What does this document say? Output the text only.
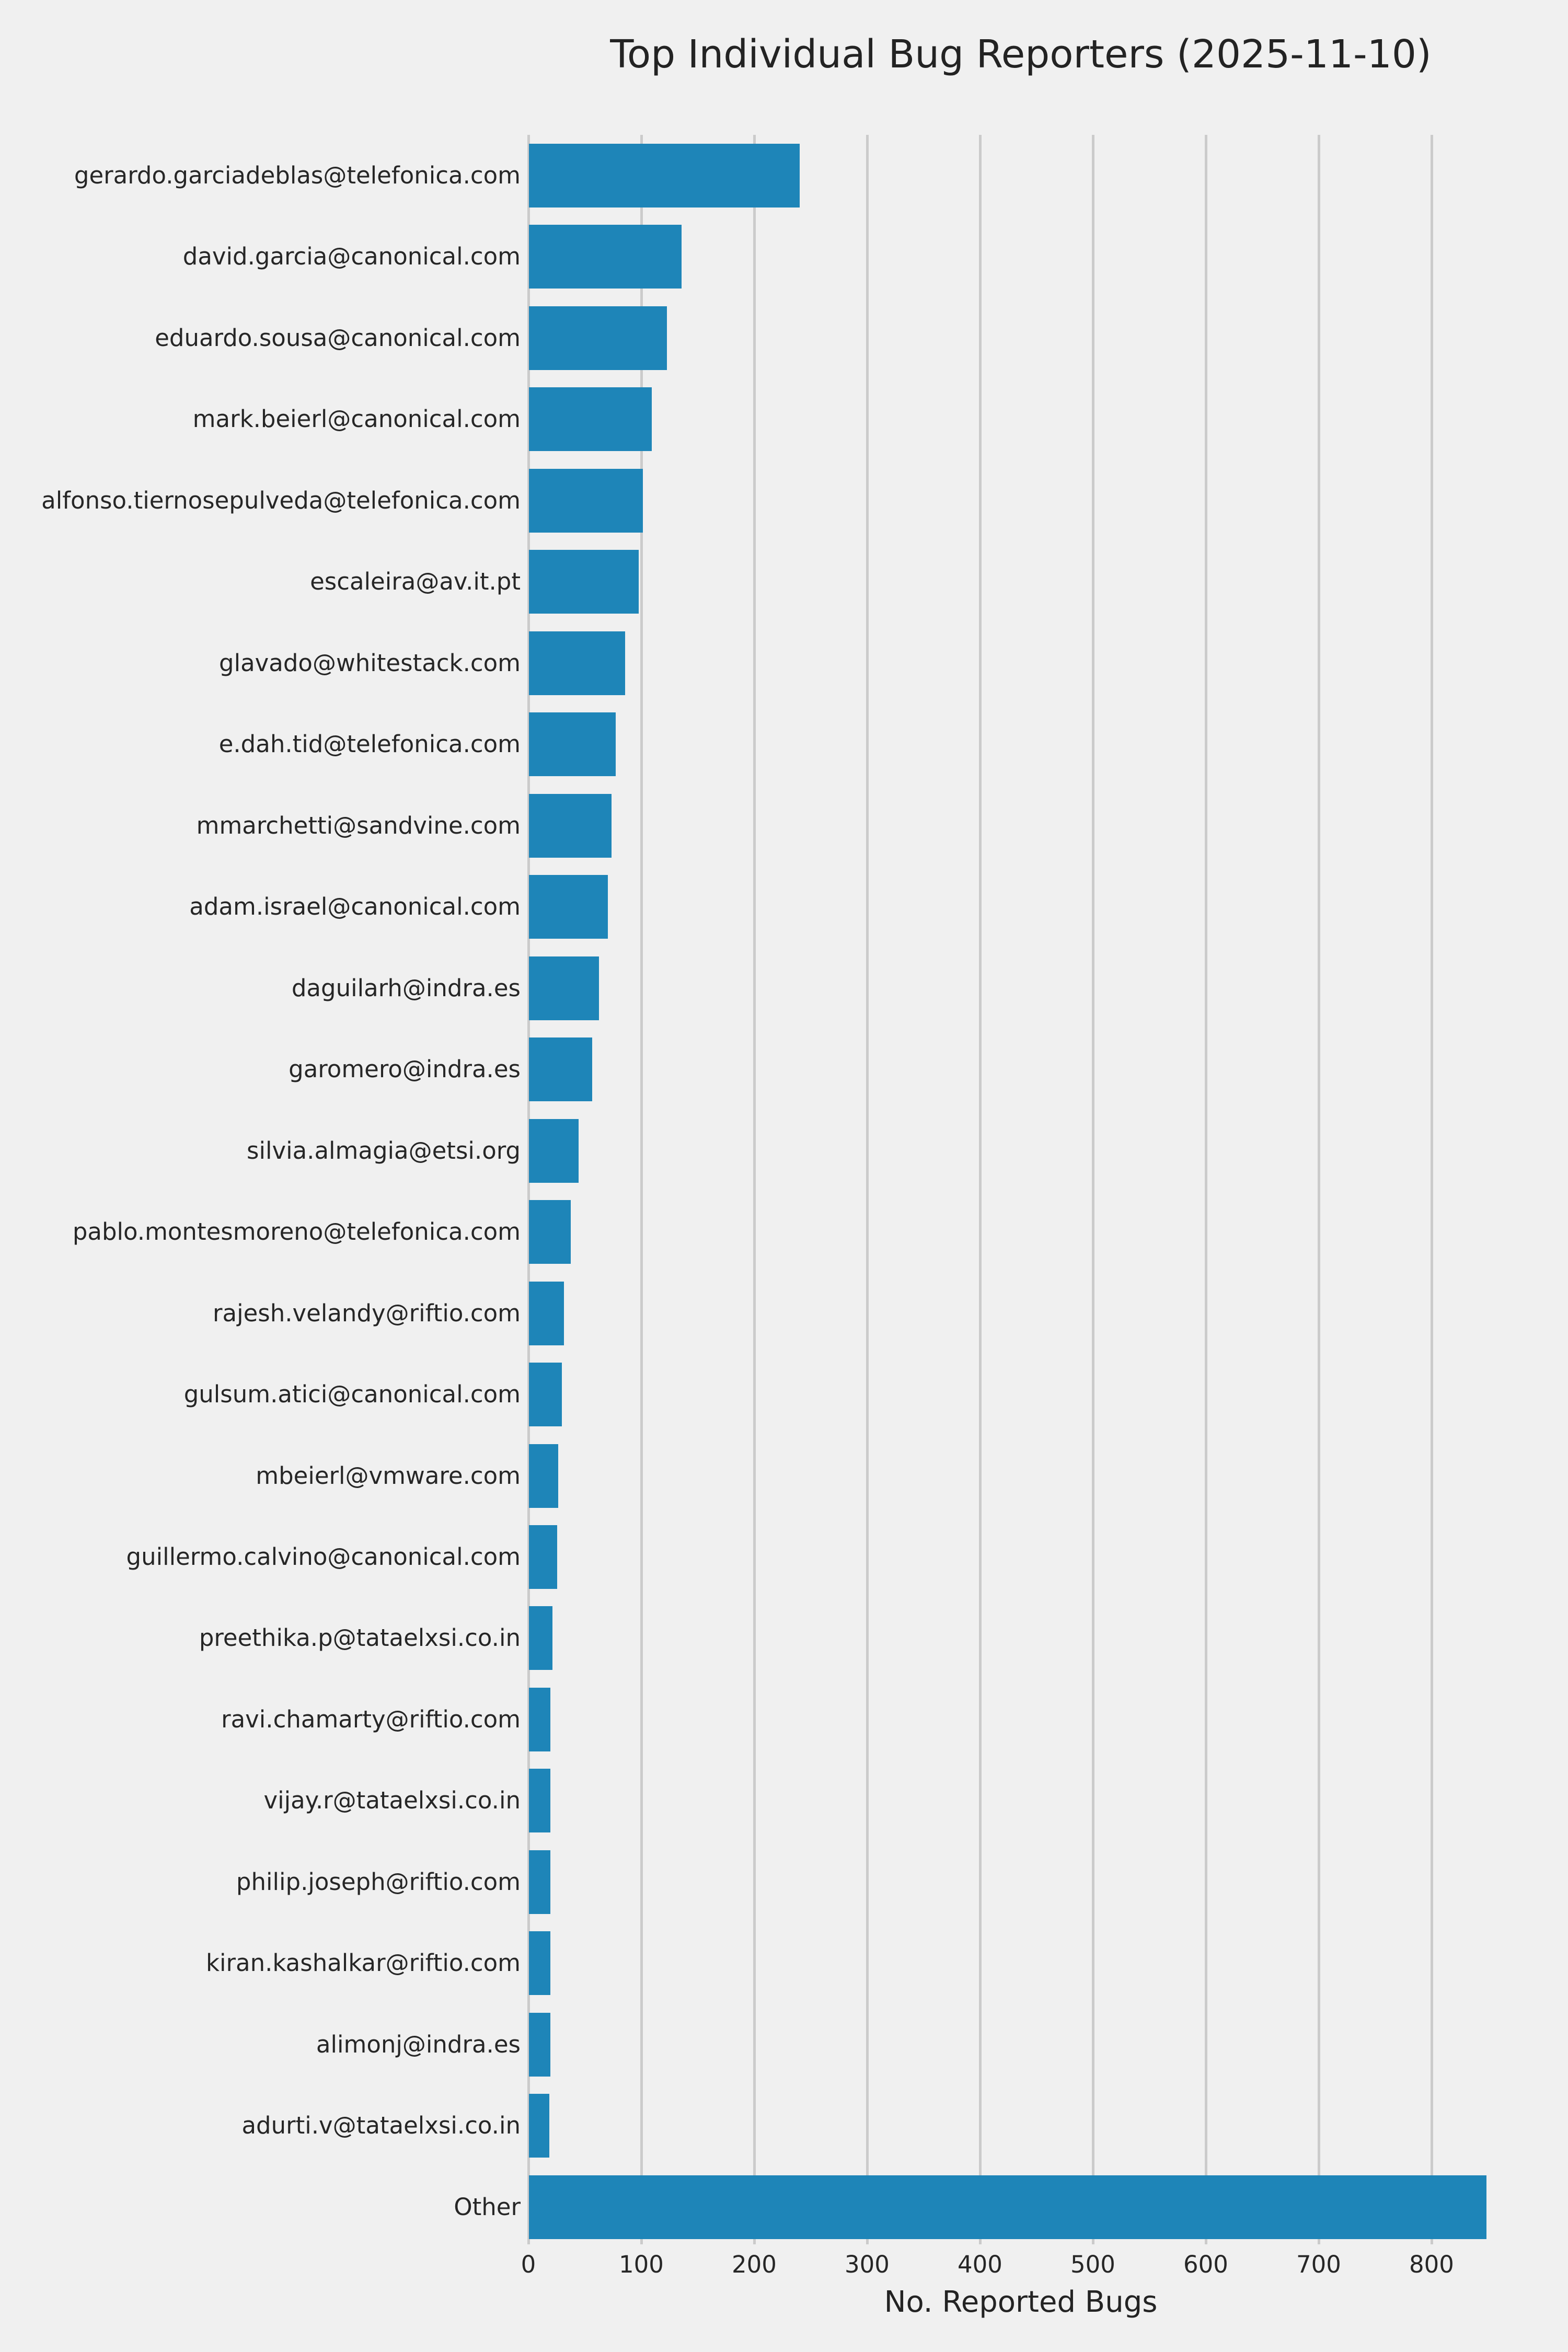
Top Individual Bug Reporters (2025-11-10)
gerardo.garciadeblas@telefonica.com
david.garcia@canonical.com
eduardo.sousa@canonical.com
mark.beierl@canonical.com
alfonso.tiernosepulveda@telefonica.com
escaleira@av.it.pt
glavado@whitestack.com
e.dah.tid@telefonica.com
mmarchetti@sandvine.com
adam.israel@canonical.com
daguilarh@indra.es
garomero@indra.es
silvia.almagia@etsi.org
pablo.montesmoreno@telefonica.com
rajesh.velandy@riftio.com
gulsum.atici@canonical.com
mbeierl@vmware.com
guillermo.calvino@canonical.com
preethika.p@tataelxsi.co.in
ravi.chamarty@riftio.com
vijay.r@tataelxsi.co.in
philip.joseph@riftio.com
kiran.kashalkar@riftio.com
alimonj@indra.es
adurti.v@tataelxsi.co.in
Other
0	100	200	300	400	500	600	700	800
No. Reported Bugs
